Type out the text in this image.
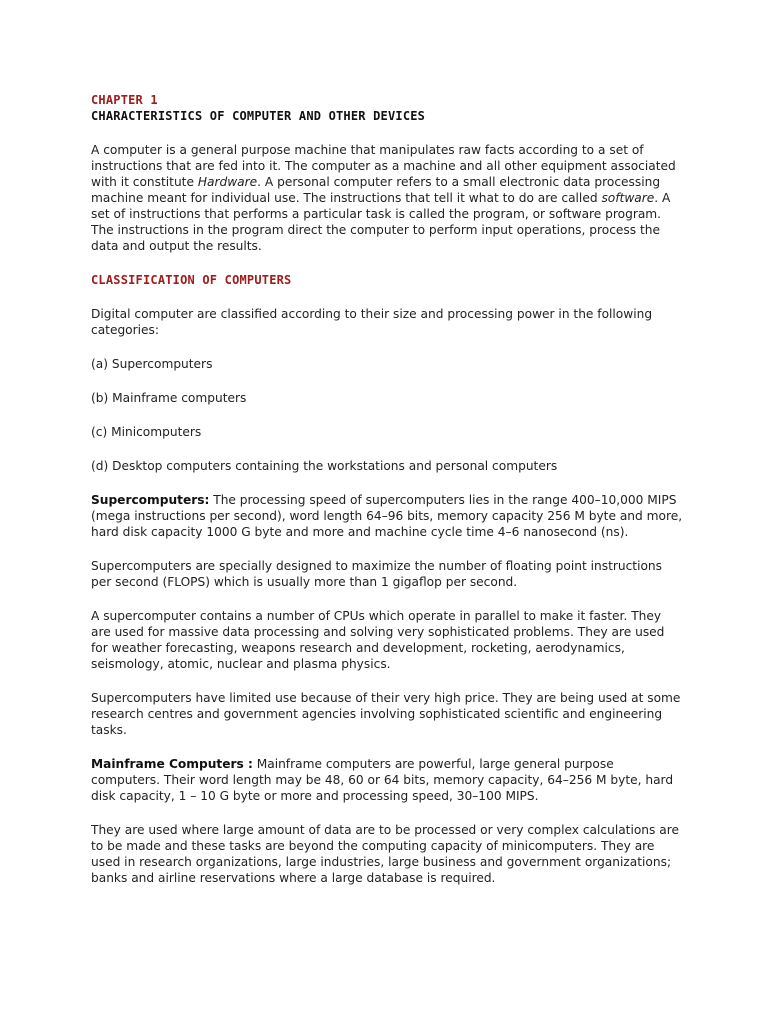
CHAPTER 1
CHARACTERISTICS OF COMPUTER AND OTHER DEVICES

A computer is a general purpose machine that manipulates raw facts according to a set of instructions that are fed into it. The computer as a machine and all other equipment associated with it constitute Hardware. A personal computer refers to a small electronic data processing machine meant for individual use. The instructions that tell it what to do are called software. A set of instructions that performs a particular task is called the program, or software program. The instructions in the program direct the computer to perform input operations, process the data and output the results.

CLASSIFICATION OF COMPUTERS

Digital computer are classified according to their size and processing power in the following categories:

(a) Supercomputers

(b) Mainframe computers

(c) Minicomputers

(d) Desktop computers containing the workstations and personal computers

Supercomputers: The processing speed of supercomputers lies in the range 400–10,000 MIPS (mega instructions per second), word length 64–96 bits, memory capacity 256 M byte and more, hard disk capacity 1000 G byte and more and machine cycle time 4–6 nanosecond (ns).

Supercomputers are specially designed to maximize the number of floating point instructions per second (FLOPS) which is usually more than 1 gigaflop per second.

A supercomputer contains a number of CPUs which operate in parallel to make it faster. They are used for massive data processing and solving very sophisticated problems. They are used for weather forecasting, weapons research and development, rocketing, aerodynamics, seismology, atomic, nuclear and plasma physics.

Supercomputers have limited use because of their very high price. They are being used at some research centres and government agencies involving sophisticated scientific and engineering tasks.

Mainframe Computers : Mainframe computers are powerful, large general purpose computers. Their word length may be 48, 60 or 64 bits, memory capacity, 64–256 M byte, hard disk capacity, 1 – 10 G byte or more and processing speed, 30–100 MIPS.

They are used where large amount of data are to be processed or very complex calculations are to be made and these tasks are beyond the computing capacity of minicomputers. They are used in research organizations, large industries, large business and government organizations; banks and airline reservations where a large database is required.
